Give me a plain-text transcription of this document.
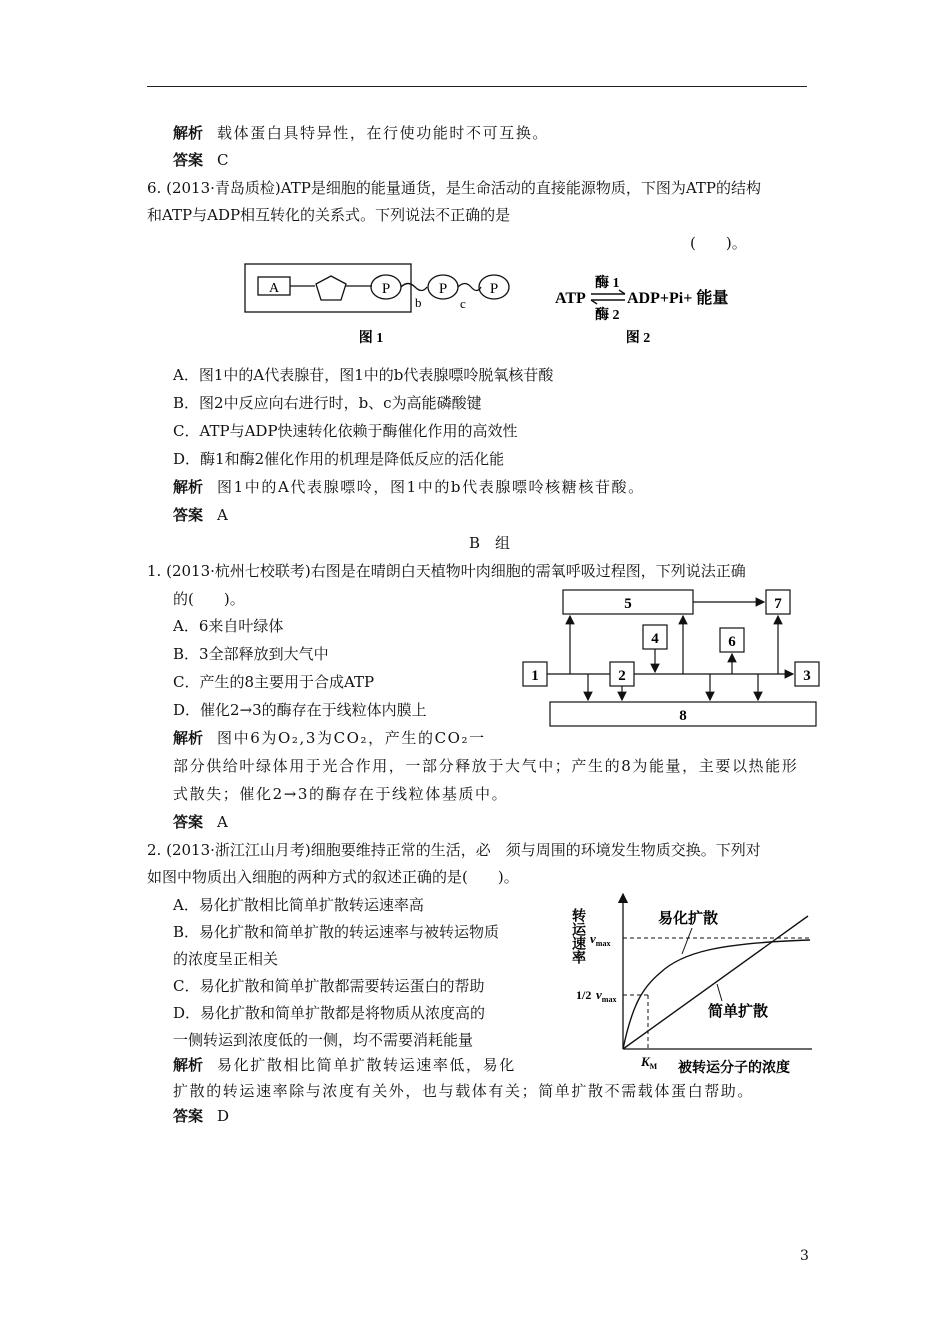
解析 载体蛋白具特异性，在行使功能时不可互换。
答案 C
6. (2013·青岛质检)ATP是细胞的能量通货，是生命活动的直接能源物质，下图为ATP的结构
和ATP与ADP相互转化的关系式。下列说法不正确的是
(　　)。
A	P	P	P
b	c
图 1
ATP
酶 1
酶 2
ADP+Pi+ 能量
图 2
A．图1中的A代表腺苷，图1中的b代表腺嘌呤脱氧核苷酸
B．图2中反应向右进行时，b、c为高能磷酸键
C．ATP与ADP快速转化依赖于酶催化作用的高效性
D．酶1和酶2催化作用的机理是降低反应的活化能
解析 图1中的A代表腺嘌呤，图1中的b代表腺嘌呤核糖核苷酸。
答案 A
B　组
1. (2013·杭州七校联考)右图是在晴朗白天植物叶肉细胞的需氧呼吸过程图，下列说法正确
的(　　)。
A．6来自叶绿体
B．3全部释放到大气中
C．产生的8主要用于合成ATP
D．催化2→3的酶存在于线粒体内膜上
解析 图中6为O₂,3为CO₂，产生的CO₂一
部分供给叶绿体用于光合作用，一部分释放于大气中；产生的8为能量，主要以热能形
式散失；催化2→3的酶存在于线粒体基质中。
答案 A
5	7
4	6
1	2	3
8
2. (2013·浙江江山月考)细胞要维持正常的生活，必　须与周围的环境发生物质交换。下列对
如图中物质出入细胞的两种方式的叙述正确的是(　　)。
A．易化扩散相比简单扩散转运速率高
B．易化扩散和简单扩散的转运速率与被转运物质
的浓度呈正相关
C．易化扩散和简单扩散都需要转运蛋白的帮助
D．易化扩散和简单扩散都是将物质从浓度高的
一侧转运到浓度低的一侧，均不需要消耗能量
解析 易化扩散相比简单扩散转运速率低，易化
扩散的转运速率除与浓度有关外，也与载体有关；简单扩散不需载体蛋白帮助。
答案 D
转运速率	易化扩散
简单扩散
$v_{max}$
1/2 $v_{max}$
$K_M$ 被转运分子的浓度
3
